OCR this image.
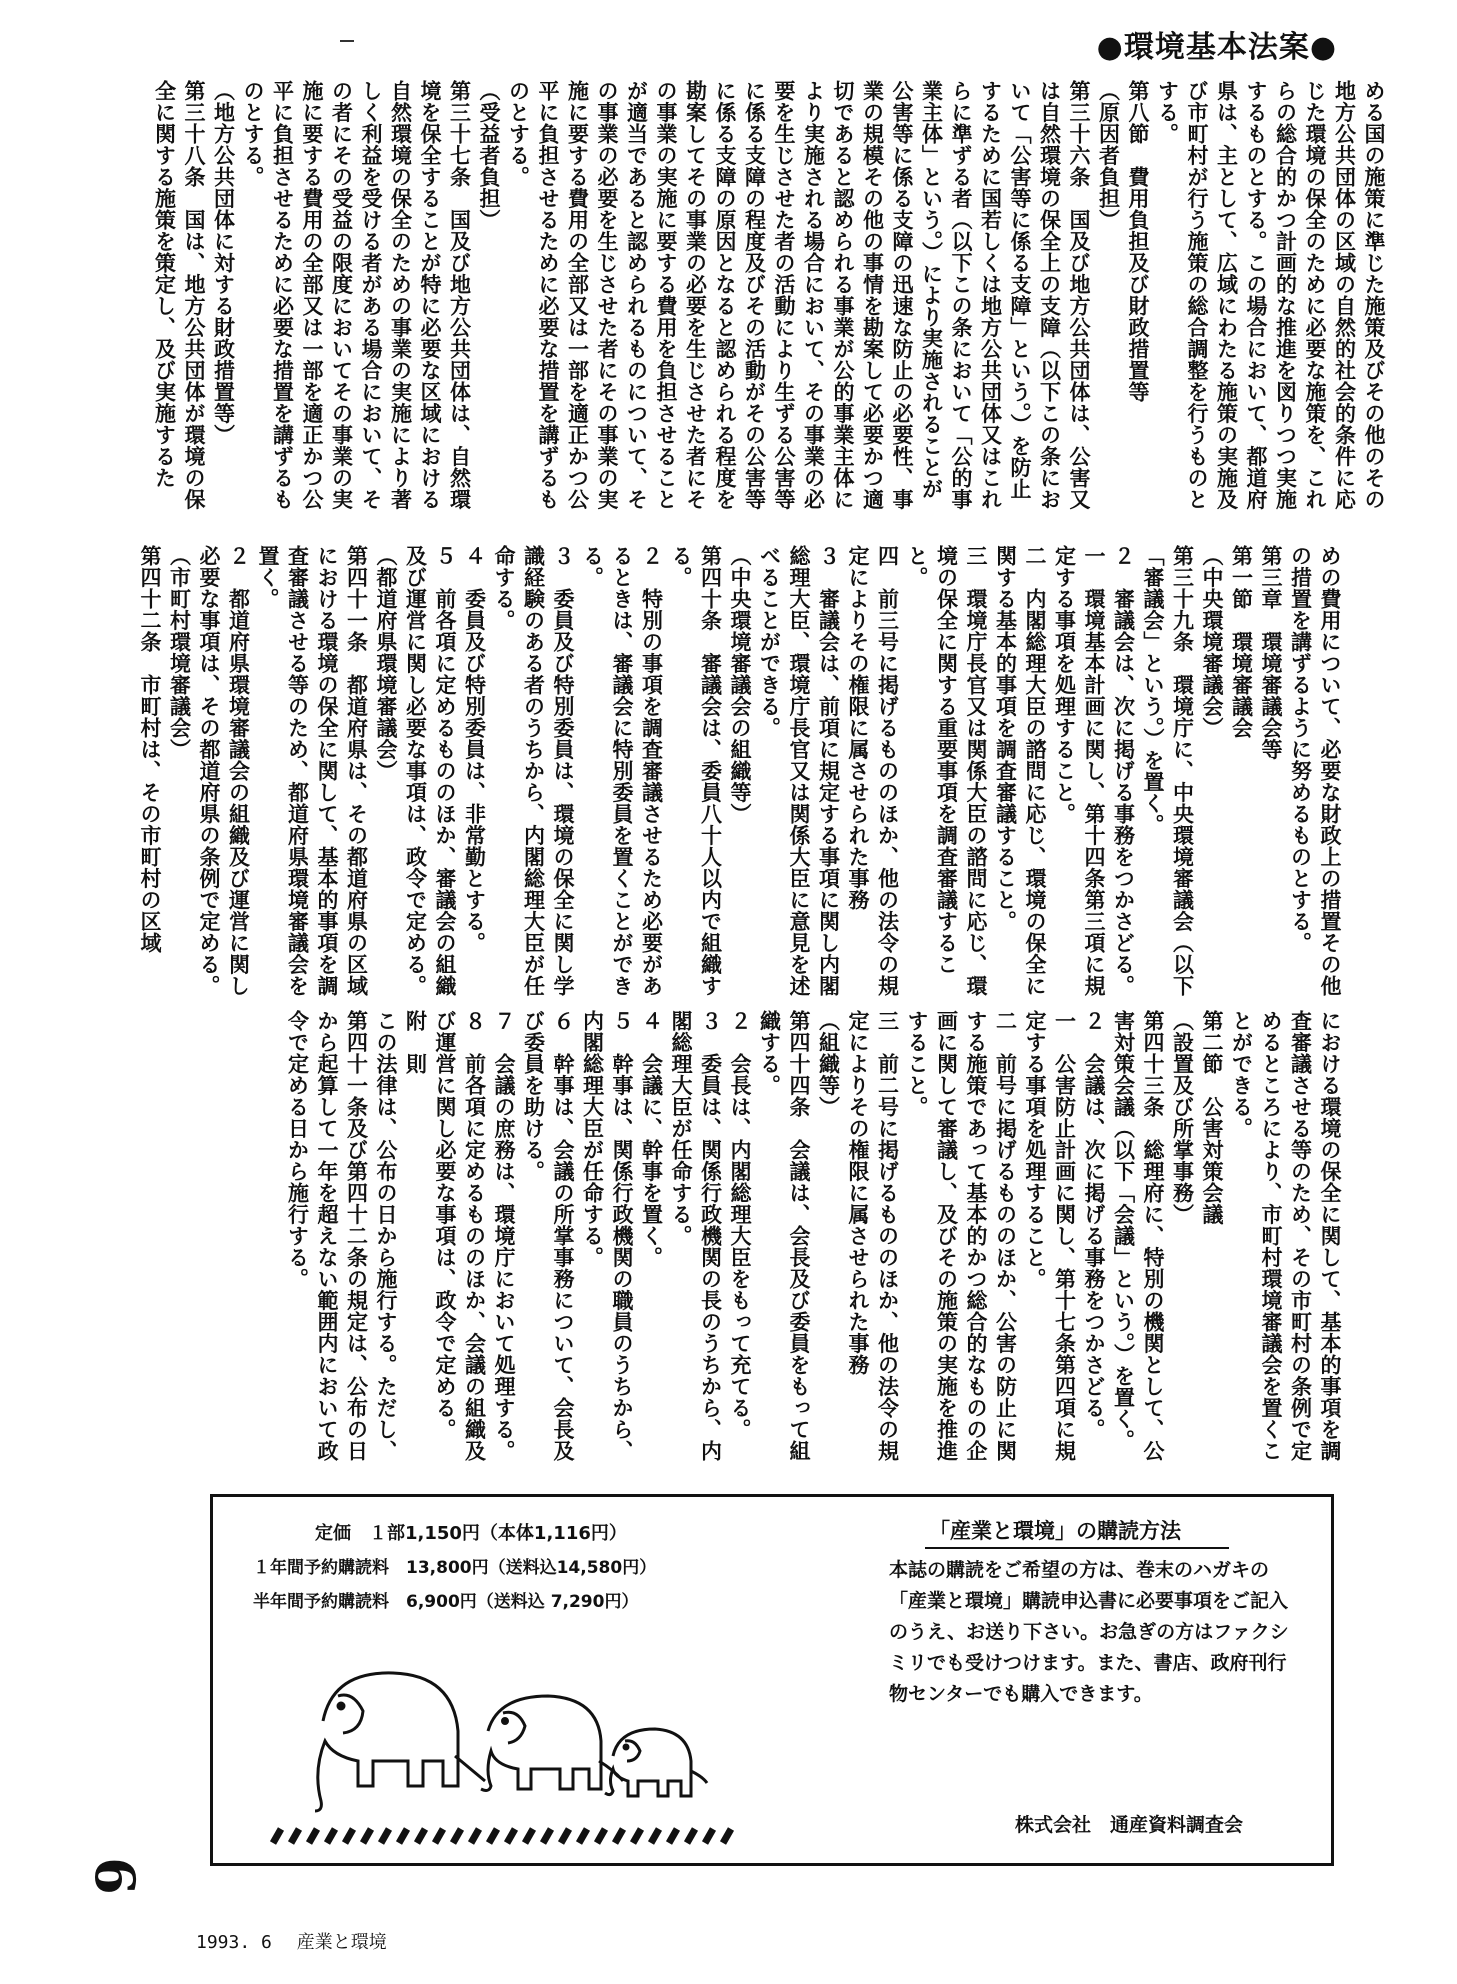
●環境基本法案●
める国の施策に準じた施策及びその他のその地方公共団体の区域の自然的社会的条件に応じた環境の保全のために必要な施策を、これらの総合的かつ計画的な推進を図りつつ実施するものとする。この場合において、都道府県は、主として、広域にわたる施策の実施及び市町村が行う施策の総合調整を行うものとする。
第八節　費用負担及び財政措置等
（原因者負担）
第三十六条　国及び地方公共団体は、公害又は自然環境の保全上の支障（以下この条において「公害等に係る支障」という。）を防止するために国若しくは地方公共団体又はこれらに準ずる者（以下この条において「公的事業主体」という。）により実施されることが公害等に係る支障の迅速な防止の必要性、事業の規模その他の事情を勘案して必要かつ適切であると認められる事業が公的事業主体により実施される場合において、その事業の必要を生じさせた者の活動により生ずる公害等に係る支障の程度及びその活動がその公害等に係る支障の原因となると認められる程度を勘案してその事業の必要を生じさせた者にその事業の実施に要する費用を負担させることが適当であると認められるものについて、その事業の必要を生じさせた者にその事業の実施に要する費用の全部又は一部を適正かつ公平に負担させるために必要な措置を講ずるものとする。
（受益者負担）
第三十七条　国及び地方公共団体は、自然環境を保全することが特に必要な区域における自然環境の保全のための事業の実施により著しく利益を受ける者がある場合において、その者にその受益の限度においてその事業の実施に要する費用の全部又は一部を適正かつ公平に負担させるために必要な措置を講ずるものとする。
（地方公共団体に対する財政措置等）
第三十八条　国は、地方公共団体が環境の保全に関する施策を策定し、及び実施するた
めの費用について、必要な財政上の措置その他の措置を講ずるように努めるものとする。
第三章　環境審議会等
第一節　環境審議会
（中央環境審議会）
第三十九条　環境庁に、中央環境審議会（以下「審議会」という。）を置く。
２　審議会は、次に掲げる事務をつかさどる。
一　環境基本計画に関し、第十四条第三項に規定する事項を処理すること。
二　内閣総理大臣の諮問に応じ、環境の保全に関する基本的事項を調査審議すること。
三　環境庁長官又は関係大臣の諮問に応じ、環境の保全に関する重要事項を調査審議すること。
四　前三号に掲げるもののほか、他の法令の規定によりその権限に属させられた事務
３　審議会は、前項に規定する事項に関し内閣総理大臣、環境庁長官又は関係大臣に意見を述べることができる。
（中央環境審議会の組織等）
第四十条　審議会は、委員八十人以内で組織する。
２　特別の事項を調査審議させるため必要があるときは、審議会に特別委員を置くことができる。
３　委員及び特別委員は、環境の保全に関し学識経験のある者のうちから、内閣総理大臣が任命する。
４　委員及び特別委員は、非常勤とする。
５　前各項に定めるもののほか、審議会の組織及び運営に関し必要な事項は、政令で定める。
（都道府県環境審議会）
第四十一条　都道府県は、その都道府県の区域における環境の保全に関して、基本的事項を調査審議させる等のため、都道府県環境審議会を置く。
２　都道府県環境審議会の組織及び運営に関し必要な事項は、その都道府県の条例で定める。
（市町村環境審議会）
第四十二条　市町村は、その市町村の区域
における環境の保全に関して、基本的事項を調査審議させる等のため、その市町村の条例で定めるところにより、市町村環境審議会を置くことができる。
第二節　公害対策会議
（設置及び所掌事務）
第四十三条　総理府に、特別の機関として、公害対策会議（以下「会議」という。）を置く。
２　会議は、次に掲げる事務をつかさどる。
一　公害防止計画に関し、第十七条第四項に規定する事項を処理すること。
二　前号に掲げるもののほか、公害の防止に関する施策であって基本的かつ総合的なものの企画に関して審議し、及びその施策の実施を推進すること。
三　前二号に掲げるもののほか、他の法令の規定によりその権限に属させられた事務
（組織等）
第四十四条　会議は、会長及び委員をもって組織する。
２　会長は、内閣総理大臣をもって充てる。
３　委員は、関係行政機関の長のうちから、内閣総理大臣が任命する。
４　会議に、幹事を置く。
５　幹事は、関係行政機関の職員のうちから、内閣総理大臣が任命する。
６　幹事は、会議の所掌事務について、会長及び委員を助ける。
７　会議の庶務は、環境庁において処理する。
８　前各項に定めるもののほか、会議の組織及び運営に関し必要な事項は、政令で定める。
附　則
この法律は、公布の日から施行する。ただし、第四十一条及び第四十二条の規定は、公布の日から起算して一年を超えない範囲内において政令で定める日から施行する。
定価　１部1,150円（本体1,116円）
１年間予約購読料　13,800円（送料込14,580円）
半年間予約購読料　6,900円（送料込 7,290円）
「産業と環境」の購読方法
本誌の購読をご希望の方は、巻末のハガキの「産業と環境」購読申込書に必要事項をご記入のうえ、お送り下さい。お急ぎの方はファクシミリでも受けつけます。また、書店、政府刊行物センターでも購入できます。
株式会社　通産資料調査会
6
1993. 6 産業と環境
